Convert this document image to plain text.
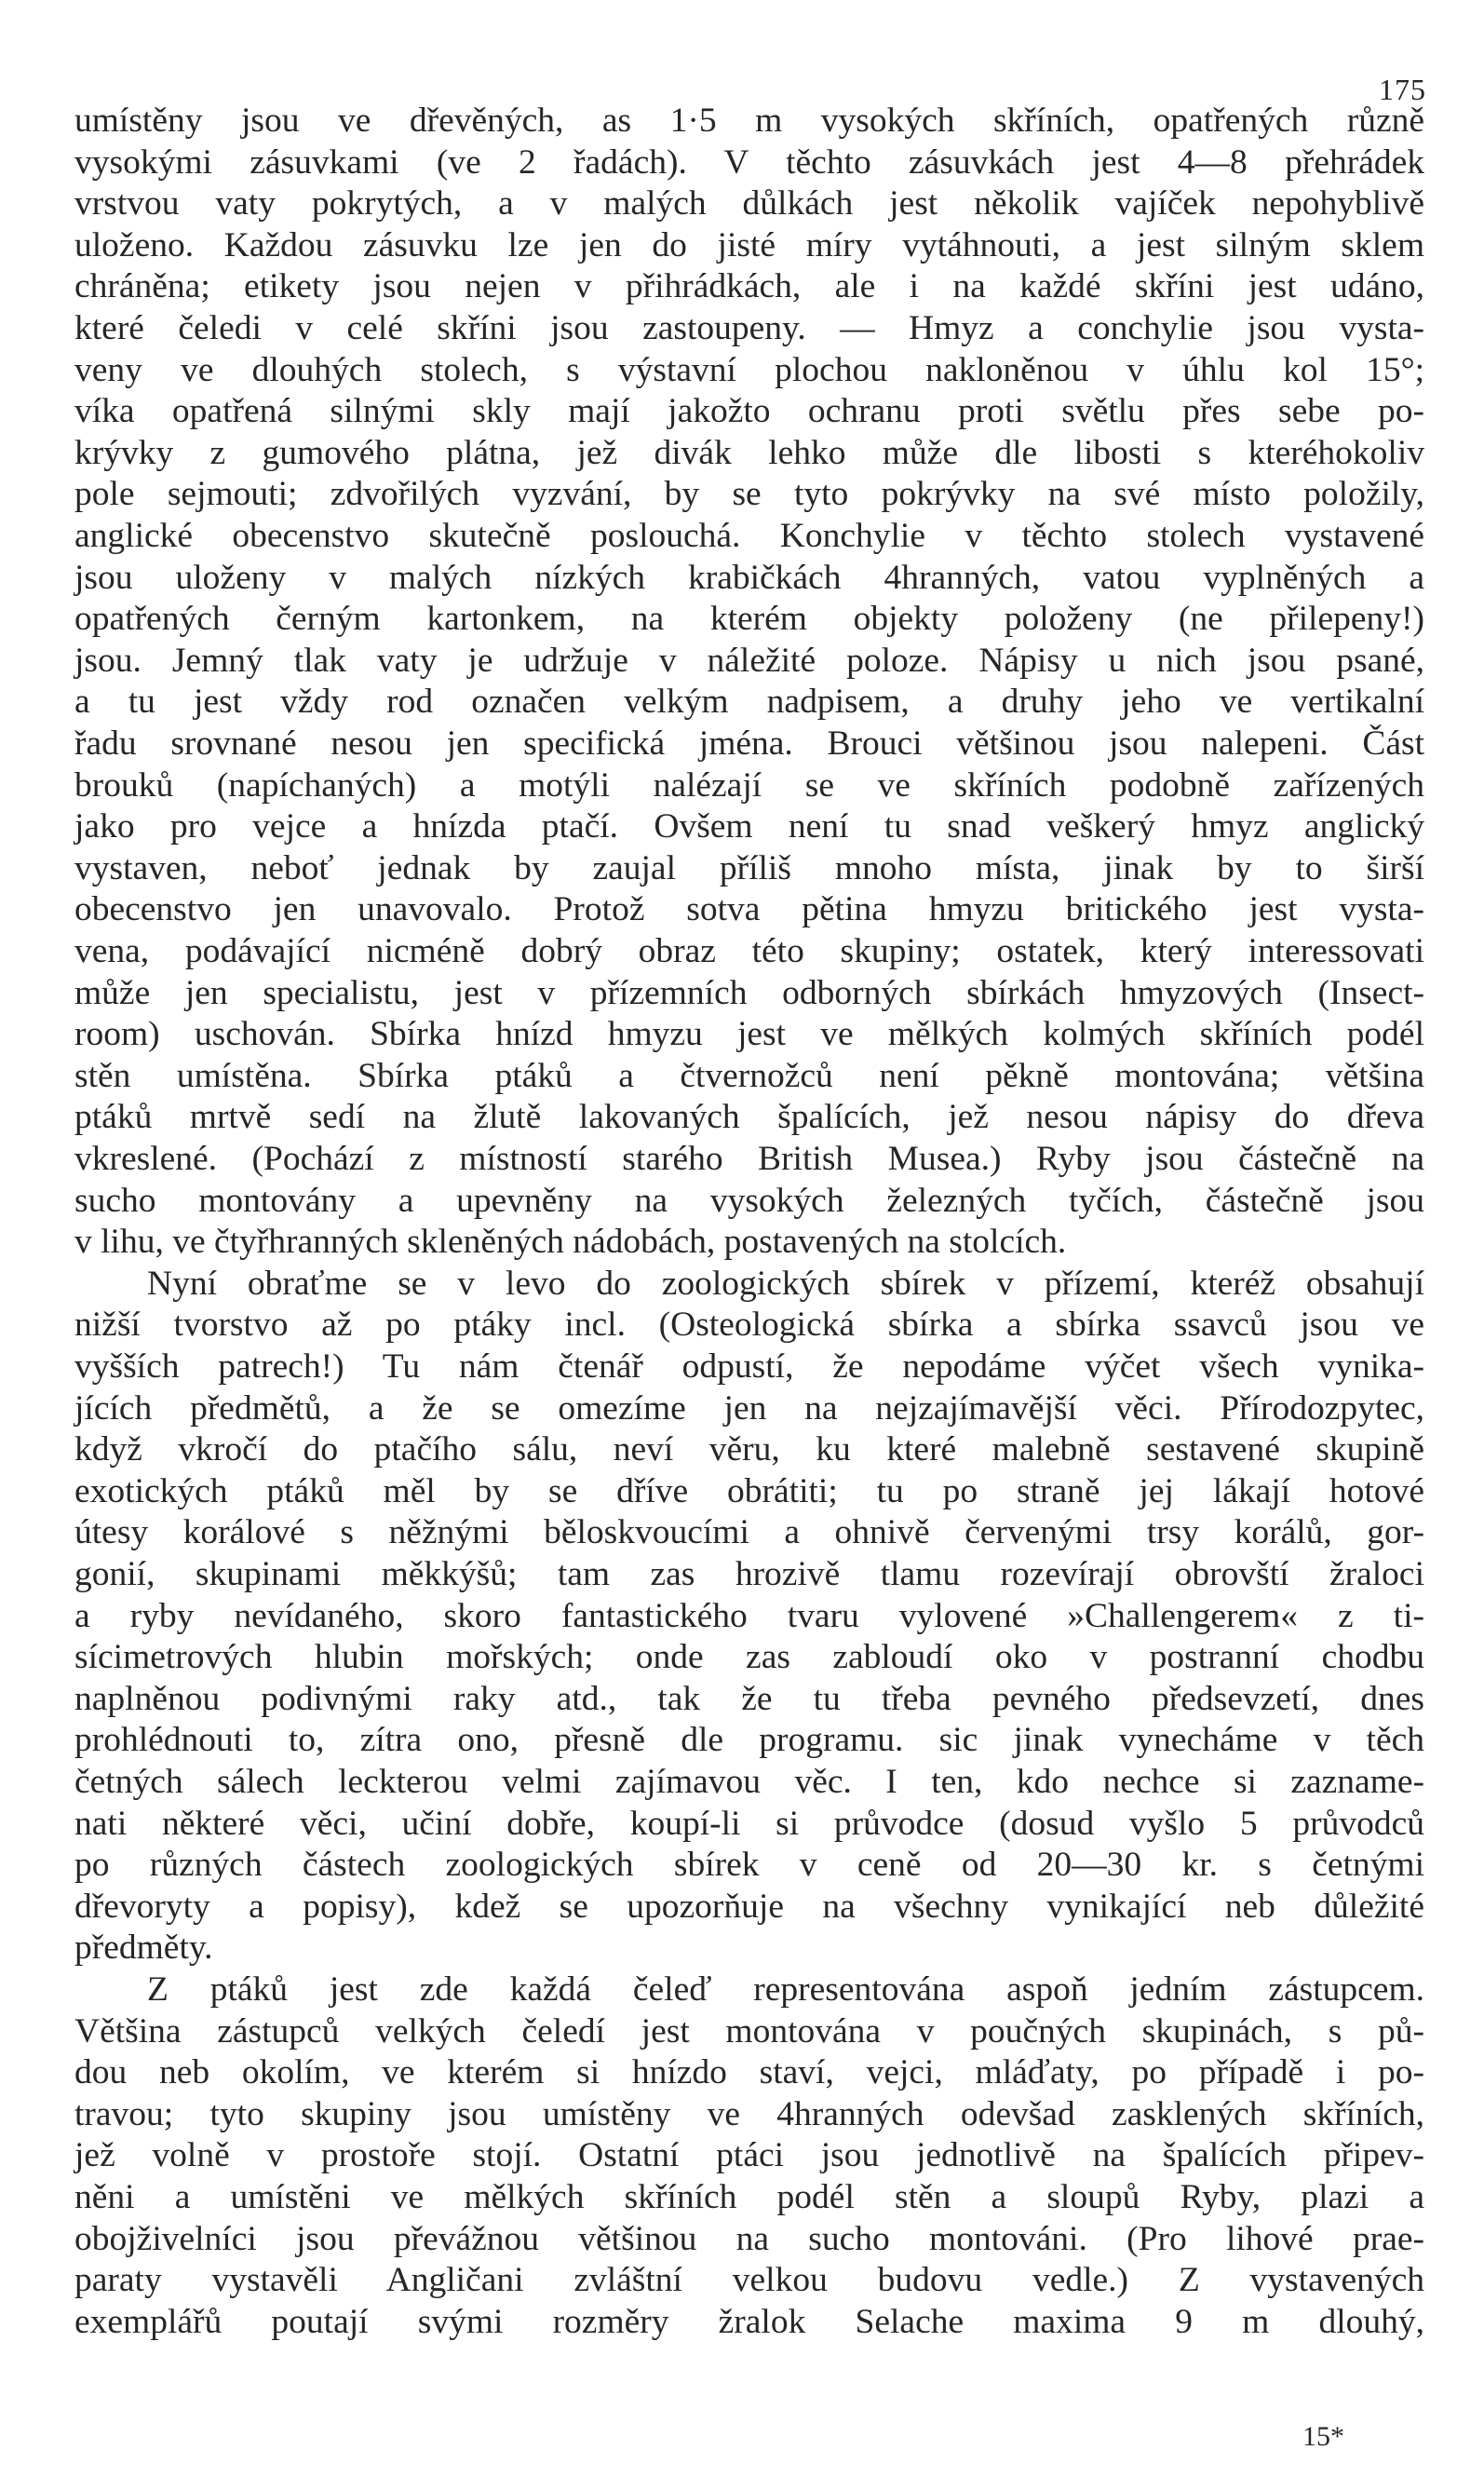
175
umístěny jsou ve dřevěných, as 1·5 m vysokých skříních, opatřených různě
vysokými zásuvkami (ve 2 řadách). V těchto zásuvkách jest 4—8 přehrádek
vrstvou vaty pokrytých, a v malých důlkách jest několik vajíček nepohyblivě
uloženo. Každou zásuvku lze jen do jisté míry vytáhnouti, a jest silným sklem
chráněna; etikety jsou nejen v přihrádkách, ale i na každé skříni jest udáno,
které čeledi v celé skříni jsou zastoupeny. — Hmyz a conchylie jsou vysta-
veny ve dlouhých stolech, s výstavní plochou nakloněnou v úhlu kol 15°;
víka opatřená silnými skly mají jakožto ochranu proti světlu přes sebe po-
krývky z gumového plátna, jež divák lehko může dle libosti s kteréhokoliv
pole sejmouti; zdvořilých vyzvání, by se tyto pokrývky na své místo položily,
anglické obecenstvo skutečně poslouchá. Konchylie v těchto stolech vystavené
jsou uloženy v malých nízkých krabičkách 4hranných, vatou vyplněných a
opatřených černým kartonkem, na kterém objekty položeny (ne přilepeny!)
jsou. Jemný tlak vaty je udržuje v náležité poloze. Nápisy u nich jsou psané,
a tu jest vždy rod označen velkým nadpisem, a druhy jeho ve vertikalní
řadu srovnané nesou jen specifická jména. Brouci většinou jsou nalepeni. Část
brouků (napíchaných) a motýli nalézají se ve skříních podobně zařízených
jako pro vejce a hnízda ptačí. Ovšem není tu snad veškerý hmyz anglický
vystaven, neboť jednak by zaujal příliš mnoho místa, jinak by to širší
obecenstvo jen unavovalo. Protož sotva pětina hmyzu britického jest vysta-
vena, podávající nicméně dobrý obraz této skupiny; ostatek, který interessovati
může jen specialistu, jest v přízemních odborných sbírkách hmyzových (Insect-
room) uschován. Sbírka hnízd hmyzu jest ve mělkých kolmých skříních podél
stěn umístěna. Sbírka ptáků a čtvernožců není pěkně montována; většina
ptáků mrtvě sedí na žlutě lakovaných špalících, jež nesou nápisy do dřeva
vkreslené. (Pochází z místností starého British Musea.) Ryby jsou částečně na
sucho montovány a upevněny na vysokých železných tyčích, částečně jsou
v lihu, ve čtyřhranných skleněných nádobách, postavených na stolcích.
Nyní obraťme se v levo do zoologických sbírek v přízemí, kteréž obsahují
nižší tvorstvo až po ptáky incl. (Osteologická sbírka a sbírka ssavců jsou ve
vyšších patrech!) Tu nám čtenář odpustí, že nepodáme výčet všech vynika-
jících předmětů, a že se omezíme jen na nejzajímavější věci. Přírodozpytec,
když vkročí do ptačího sálu, neví věru, ku které malebně sestavené skupině
exotických ptáků měl by se dříve obrátiti; tu po straně jej lákají hotové
útesy korálové s něžnými běloskvoucími a ohnivě červenými trsy korálů, gor-
gonií, skupinami měkkýšů; tam zas hrozivě tlamu rozevírají obrovští žraloci
a ryby nevídaného, skoro fantastického tvaru vylovené »Challengerem« z ti-
sícimetrových hlubin mořských; onde zas zabloudí oko v postranní chodbu
naplněnou podivnými raky atd., tak že tu třeba pevného předsevzetí, dnes
prohlédnouti to, zítra ono, přesně dle programu. sic jinak vynecháme v těch
četných sálech leckterou velmi zajímavou věc. I ten, kdo nechce si zazname-
nati některé věci, učiní dobře, koupí-li si průvodce (dosud vyšlo 5 průvodců
po různých částech zoologických sbírek v ceně od 20—30 kr. s četnými
dřevoryty a popisy), kdež se upozorňuje na všechny vynikající neb důležité
předměty.
Z ptáků jest zde každá čeleď representována aspoň jedním zástupcem.
Většina zástupců velkých čeledí jest montována v poučných skupinách, s pů-
dou neb okolím, ve kterém si hnízdo staví, vejci, mláďaty, po případě i po-
travou; tyto skupiny jsou umístěny ve 4hranných odevšad zasklených skříních,
jež volně v prostoře stojí. Ostatní ptáci jsou jednotlivě na špalících připev-
něni a umístěni ve mělkých skříních podél stěn a sloupů Ryby, plazi a
obojživelníci jsou převážnou většinou na sucho montováni. (Pro lihové prae-
paraty vystavěli Angličani zvláštní velkou budovu vedle.) Z vystavených
exemplářů poutají svými rozměry žralok Selache maxima 9 m dlouhý,
15*
